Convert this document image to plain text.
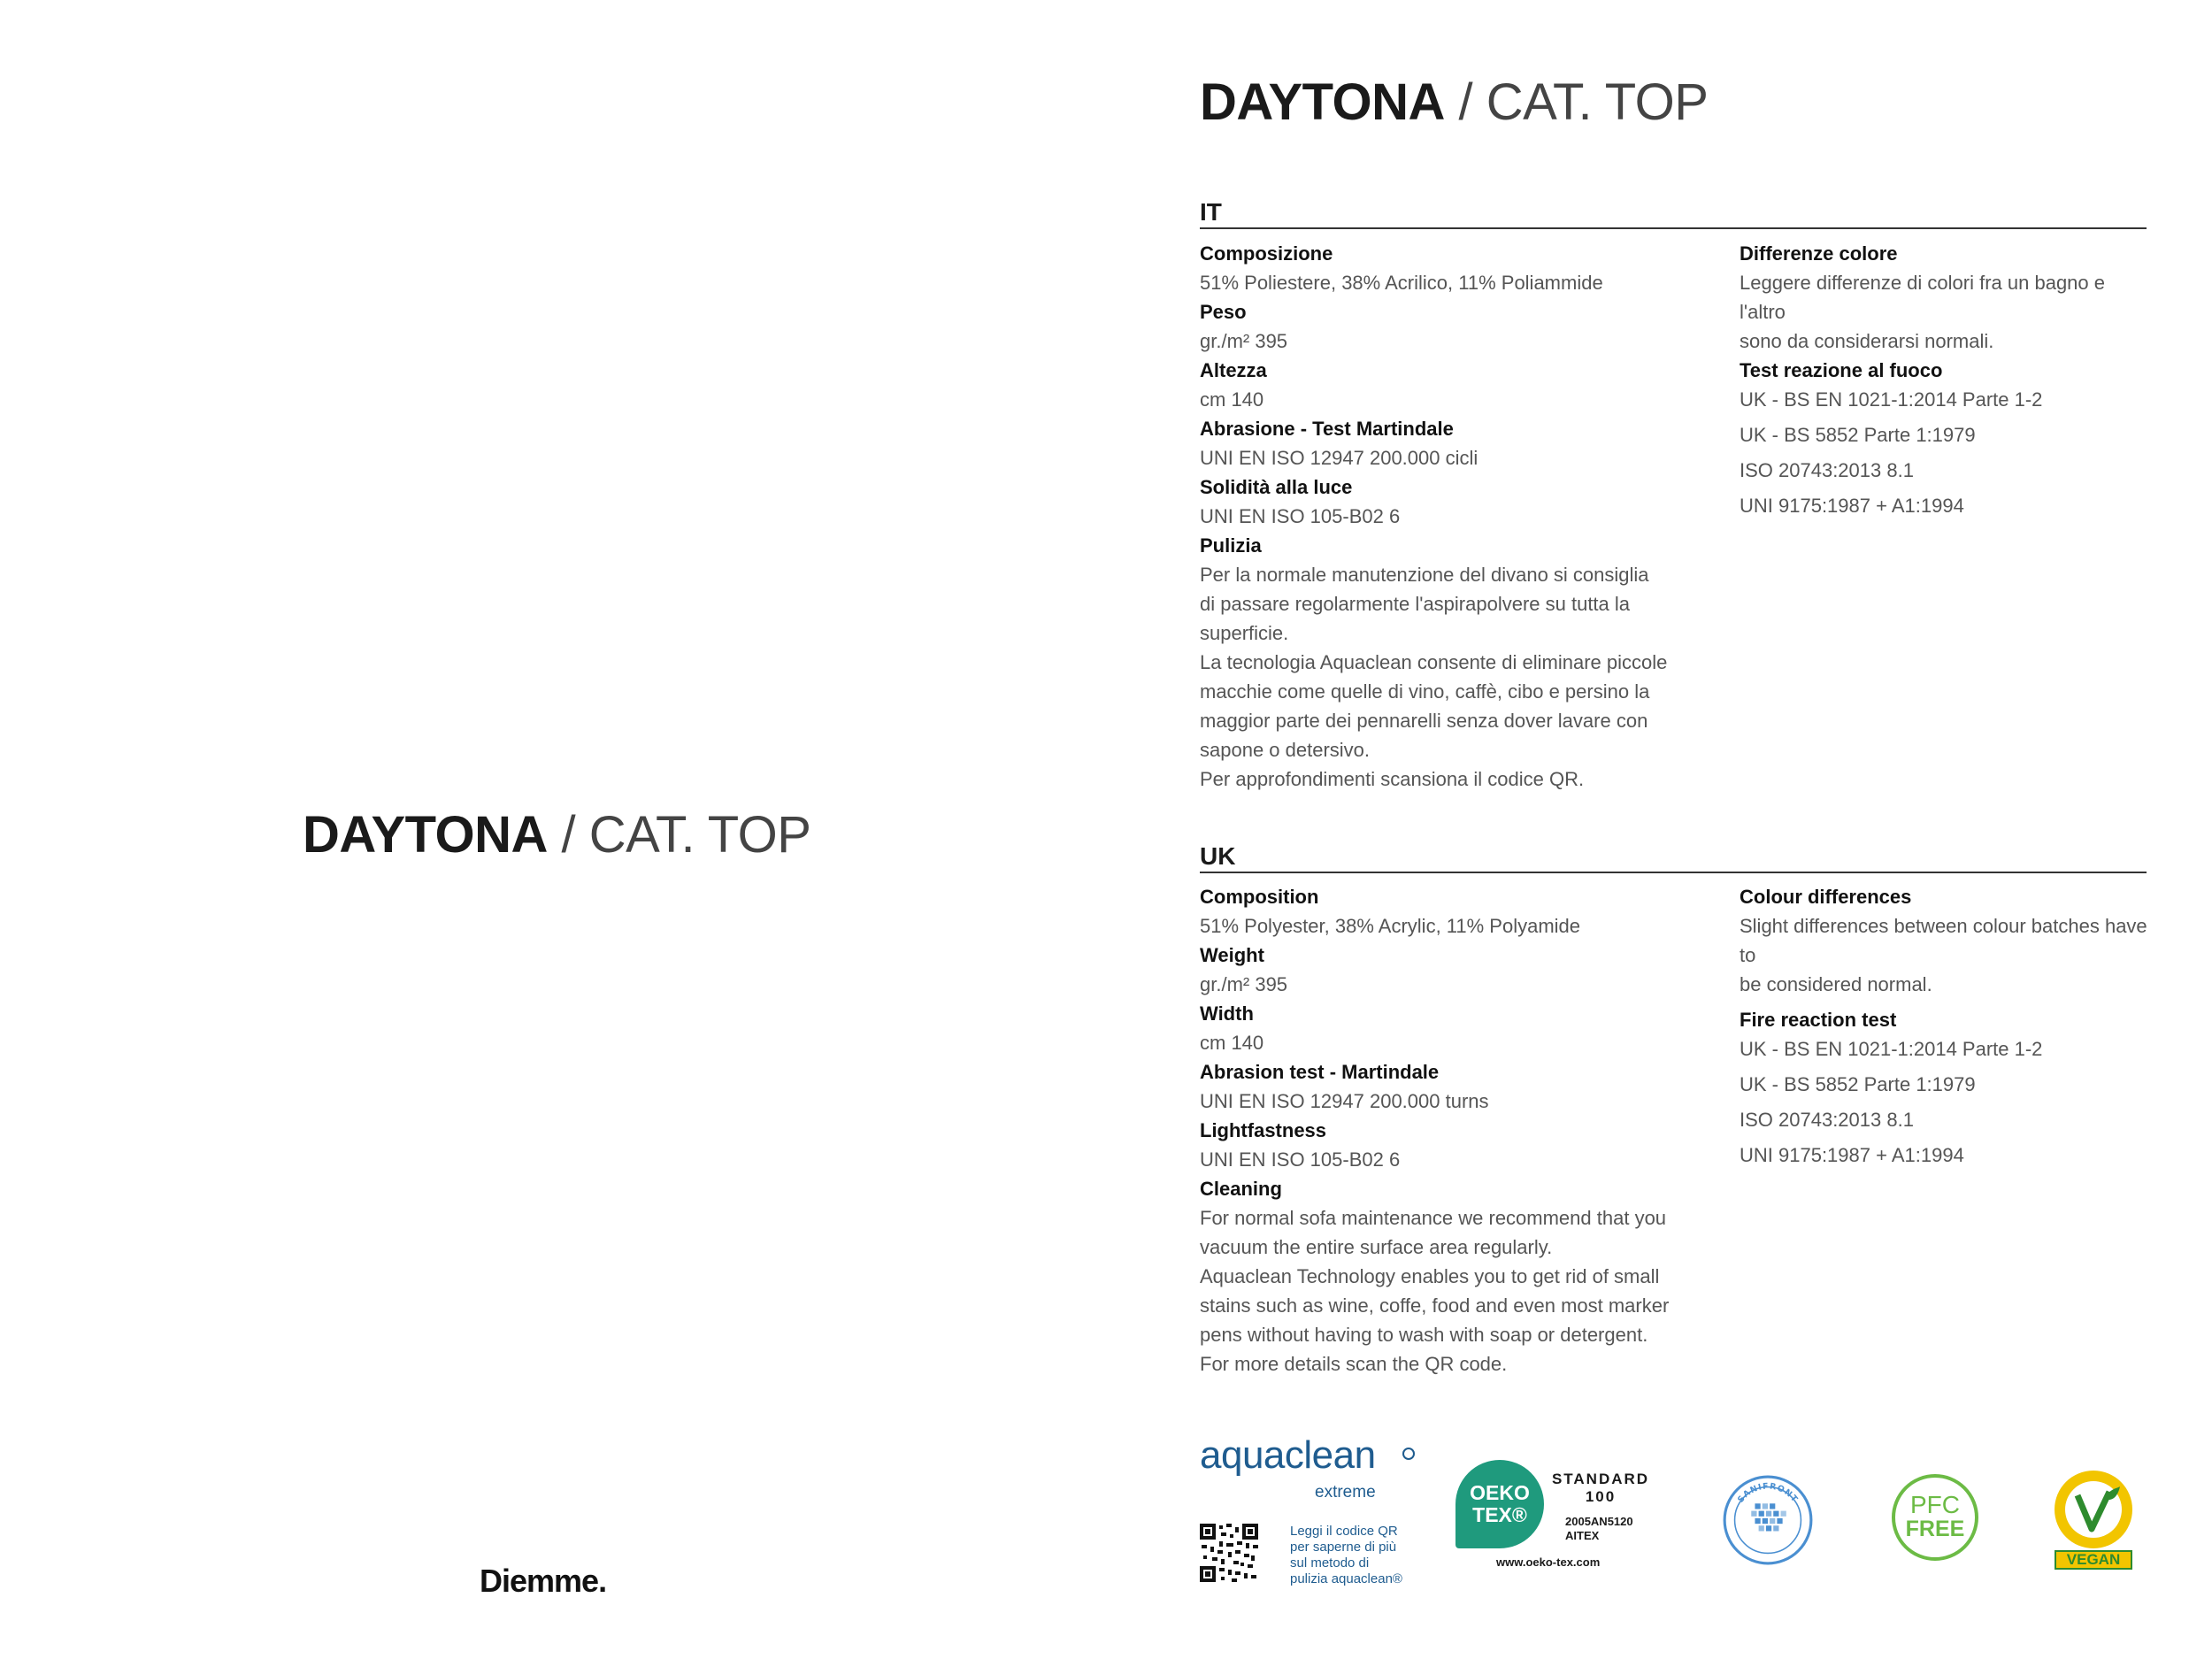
DAYTONA / CAT. TOP
Diemme.
DAYTONA / CAT. TOP
IT
Composizione
51% Poliestere, 38% Acrilico, 11% Poliammide
Peso
gr./m² 395
Altezza
cm 140
Abrasione - Test Martindale
UNI EN ISO 12947 200.000 cicli
Solidità alla luce
UNI EN ISO 105-B02 6
Pulizia
Per la normale manutenzione del divano si consiglia
di passare regolarmente l'aspirapolvere su tutta la
superficie.
La tecnologia Aquaclean consente di eliminare piccole
macchie come quelle di vino, caffè, cibo e persino la
maggior parte dei pennarelli senza dover lavare con
sapone o detersivo.
Per approfondimenti scansiona il codice QR.
Differenze colore
Leggere differenze di colori fra un bagno e l'altro
sono da considerarsi normali.
Test reazione al fuoco
UK - BS EN 1021-1:2014 Parte 1-2
UK - BS 5852 Parte 1:1979
ISO 20743:2013 8.1
UNI 9175:1987 + A1:1994
UK
Composition
51% Polyester, 38% Acrylic, 11% Polyamide
Weight
gr./m² 395
Width
cm 140
Abrasion test - Martindale
UNI EN ISO 12947 200.000 turns
Lightfastness
UNI EN ISO 105-B02 6
Cleaning
For normal sofa maintenance we recommend that you
vacuum the entire surface area regularly.
Aquaclean Technology enables you to get rid of small
stains such as wine, coffe, food and even most marker
pens without having to wash with soap or detergent.
For more details scan the QR code.
Colour differences
Slight differences between colour batches have to
be considered normal.
Fire reaction test
UK - BS EN 1021-1:2014 Parte 1-2
UK - BS 5852 Parte 1:1979
ISO 20743:2013 8.1
UNI 9175:1987 + A1:1994
aquaclean
extreme
Leggi il codice QR
per saperne di più
sul metodo di
pulizia aquaclean®
OEKO
TEX®
STANDARD
100
2005AN5120
AITEX
www.oeko-tex.com
SANIFRONT	PFC
FREE
VEGAN
